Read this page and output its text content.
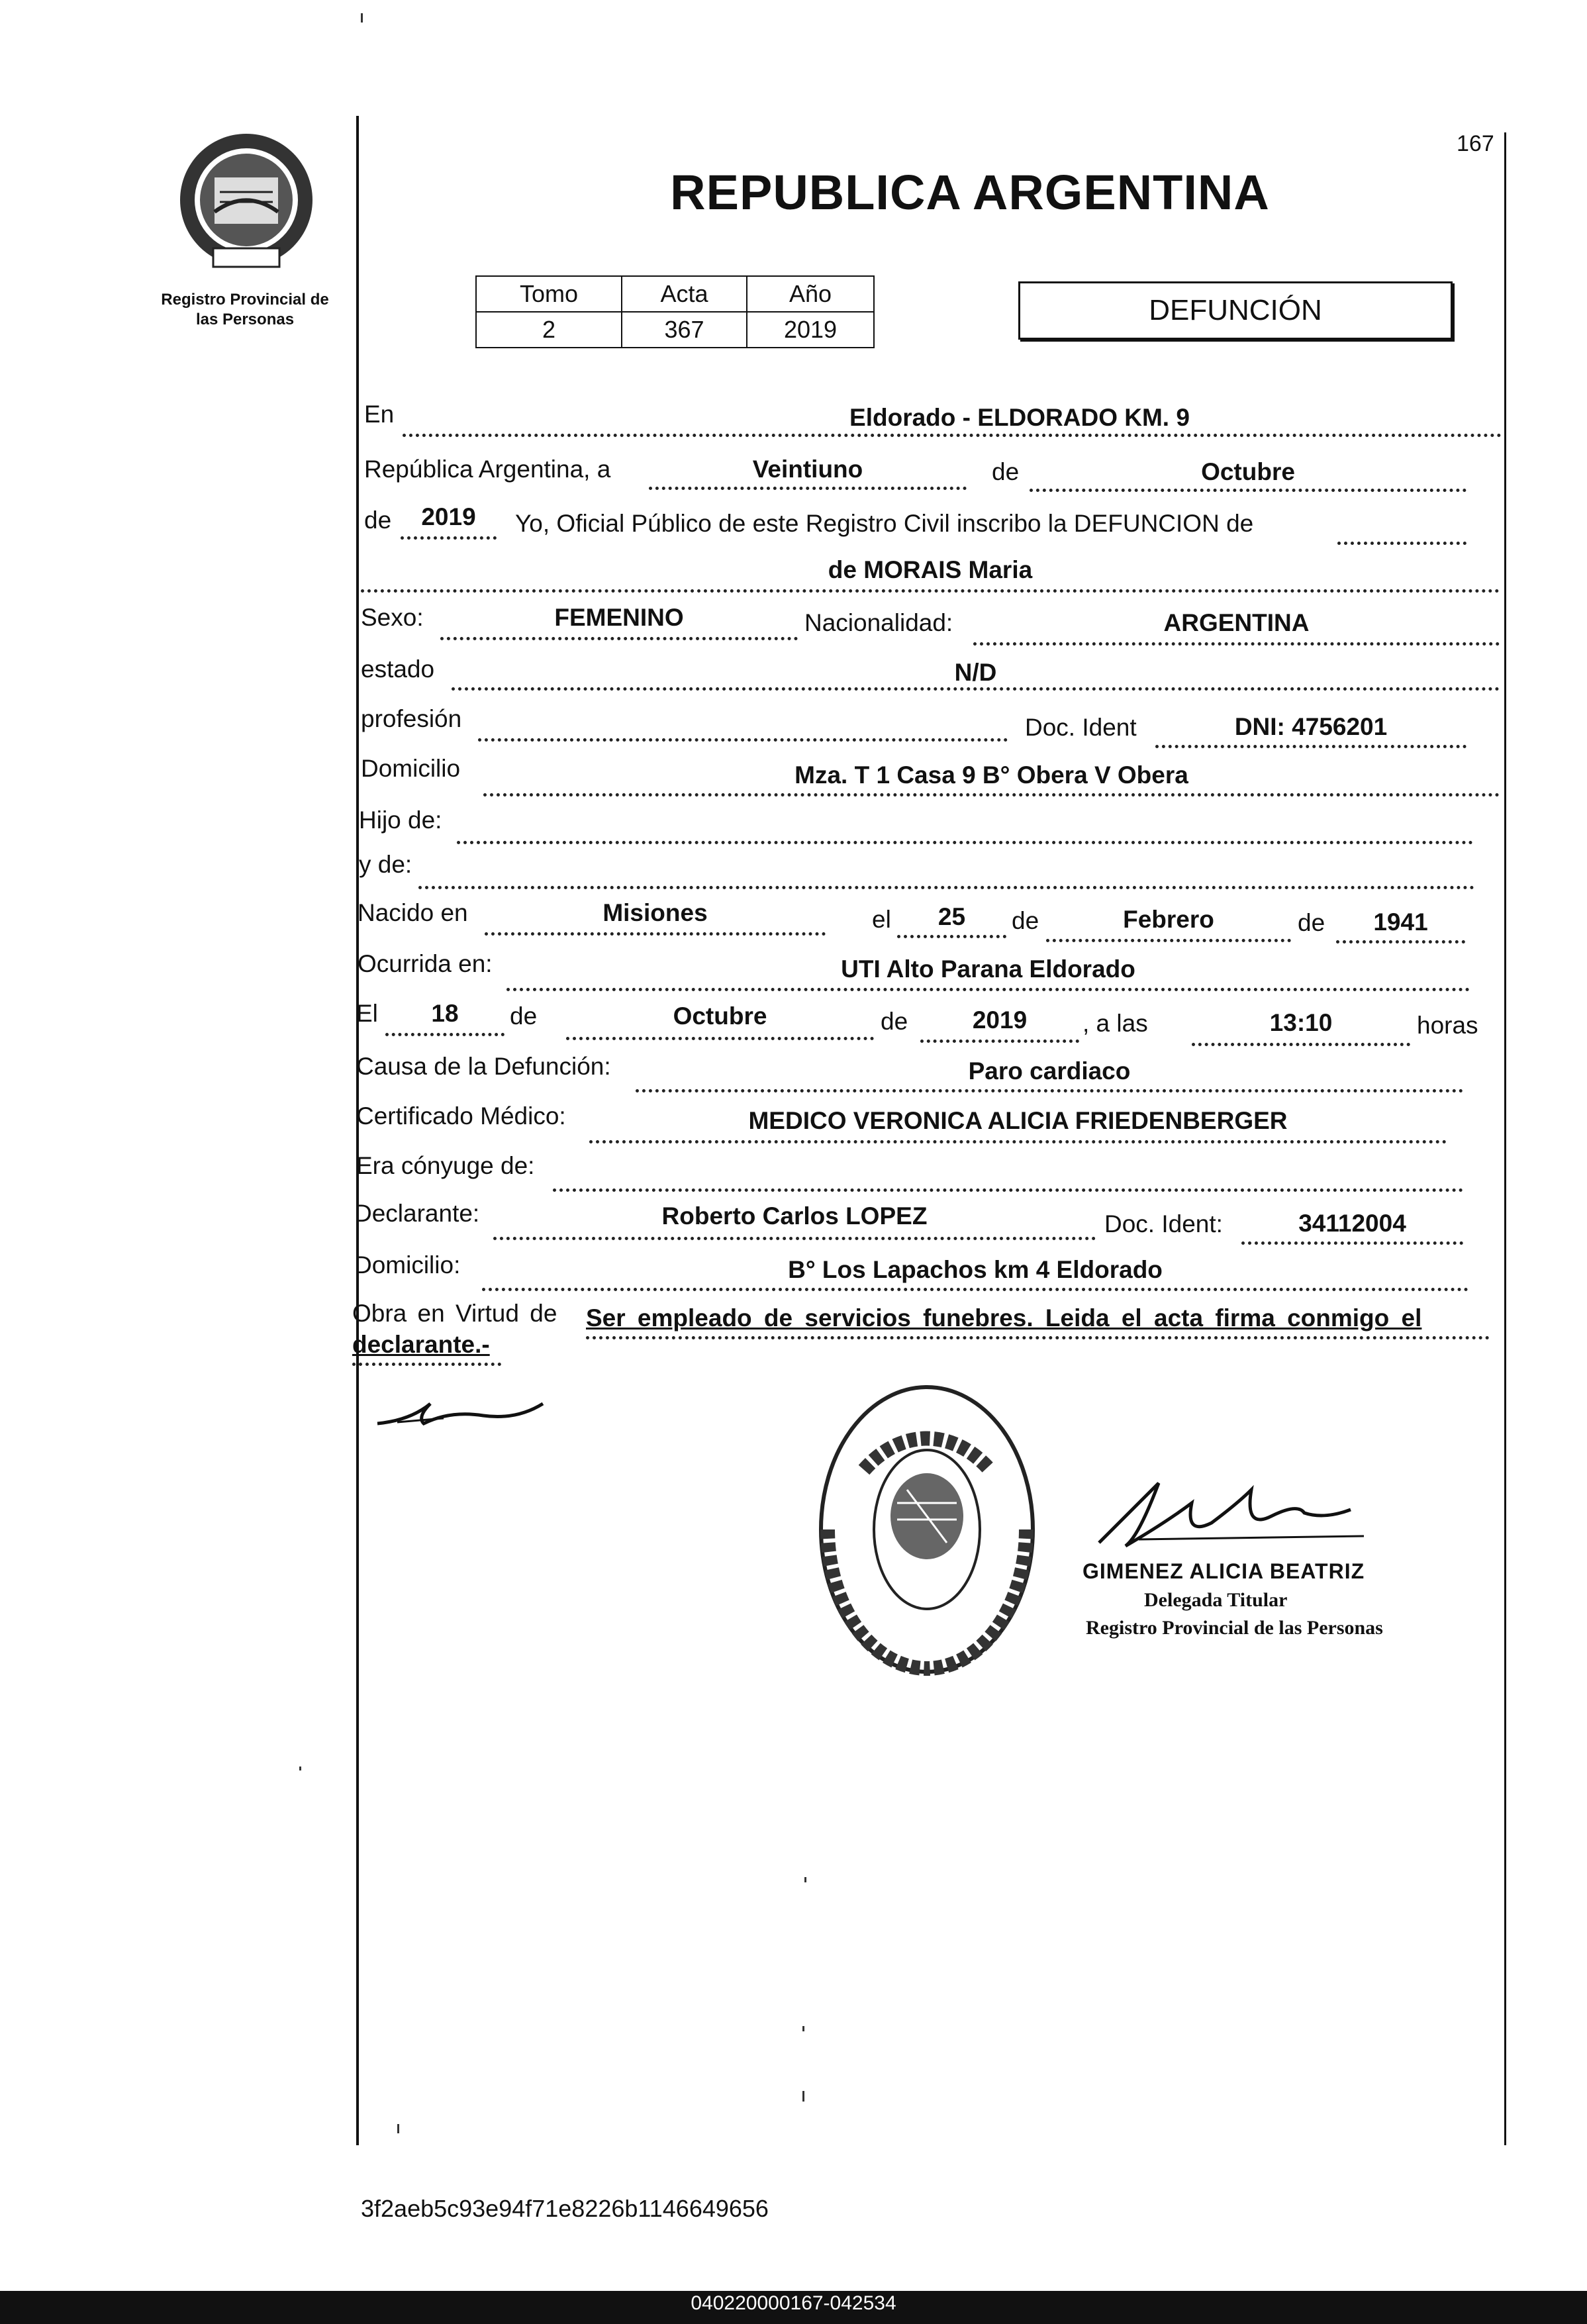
Registro Provincial de
las Personas
167
REPUBLICA ARGENTINA
Tomo	Acta	Año
2	367	2019
DEFUNCIÓN
En	Eldorado - ELDORADO KM. 9
República Argentina, a	Veintiuno	de	Octubre
de	2019	Yo, Oficial Público de este Registro Civil inscribo la DEFUNCION de
de MORAIS Maria
Sexo:	FEMENINO	Nacionalidad:	ARGENTINA
estado	N/D
profesión	Doc. Ident	DNI: 4756201
Domicilio	Mza. T 1 Casa 9 B° Obera V Obera
Hijo de:
y de:
Nacido en	Misiones	el	25	de	Febrero	de	1941
Ocurrida en:	UTI Alto Parana Eldorado
El	18	de	Octubre	de	2019	, a las	13:10	horas
Causa de la Defunción:	Paro cardiaco
Certificado Médico:	MEDICO VERONICA ALICIA FRIEDENBERGER
Era cónyuge de:
Declarante:	Roberto Carlos LOPEZ	Doc. Ident:	34112004
Domicilio:	B° Los Lapachos km 4 Eldorado
Obra en Virtud de Ser empleado de servicios funebres. Leida el acta firma conmigo el
declarante.-
GIMENEZ ALICIA BEATRIZ
Delegada Titular
Registro Provincial de las Personas
3f2aeb5c93e94f71e8226b1146649656
040220000167-042534
